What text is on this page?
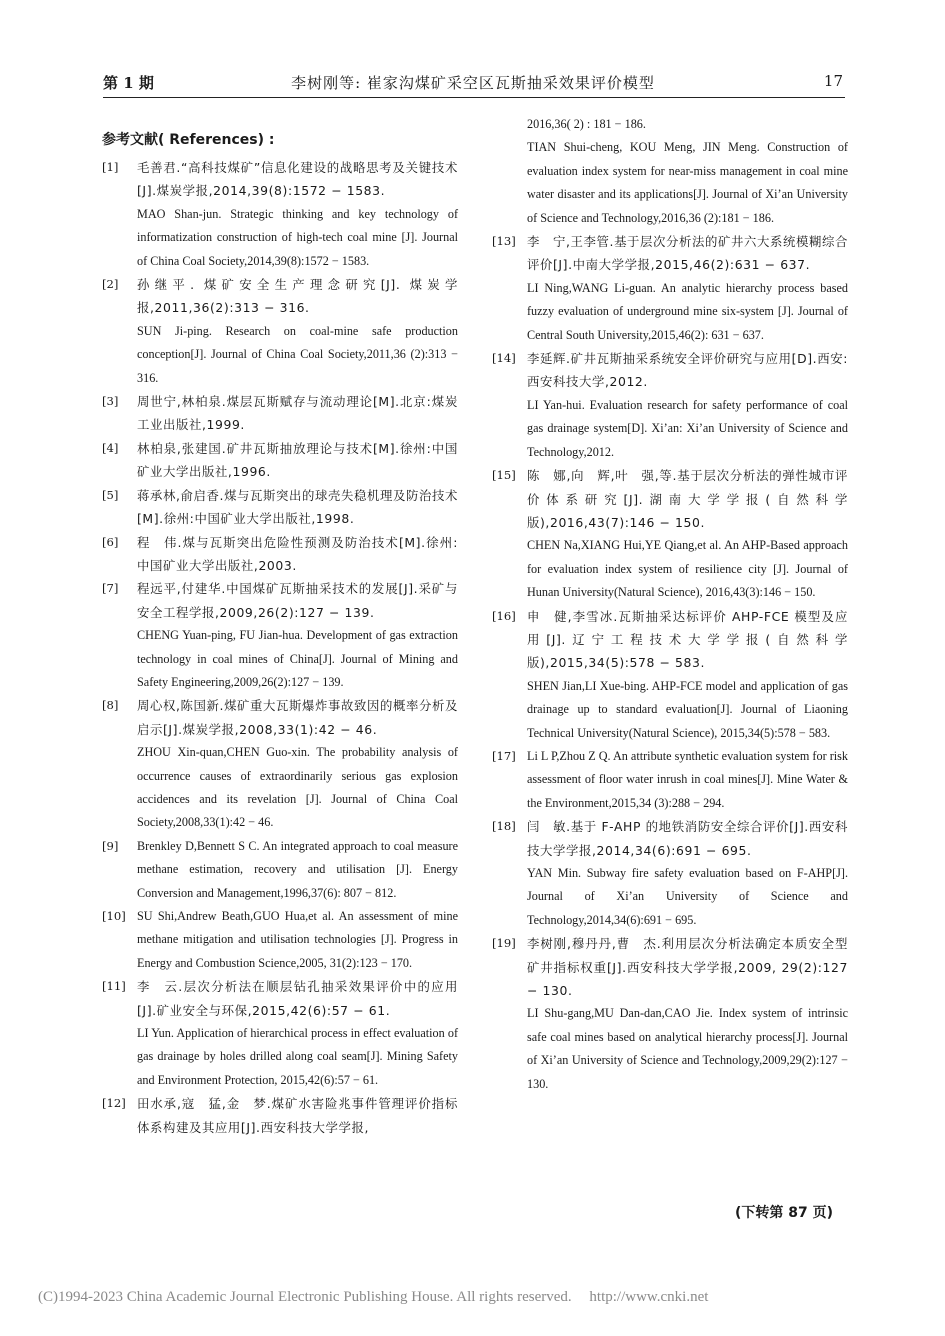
第 1 期	李树刚等: 崔家沟煤矿采空区瓦斯抽采效果评价模型	17
参考文献( References) :
[1] 毛善君.“高科技煤矿”信息化建设的战略思考及关键技术[J].煤炭学报,2014,39(8):1572 − 1583.
MAO Shan-jun. Strategic thinking and key technology of informatization construction of high-tech coal mine [J]. Journal of China Coal Society,2014,39(8):1572 − 1583.
[2] 孙继平. 煤矿安全生产理念研究[J]. 煤炭学报,2011,36(2):313 − 316.
SUN Ji-ping. Research on coal-mine safe production conception[J]. Journal of China Coal Society,2011,36 (2):313 − 316.
[3] 周世宁,林柏泉.煤层瓦斯赋存与流动理论[M].北京:煤炭工业出版社,1999.
[4] 林柏泉,张建国.矿井瓦斯抽放理论与技术[M].徐州:中国矿业大学出版社,1996.
[5] 蒋承林,俞启香.煤与瓦斯突出的球壳失稳机理及防治技术[M].徐州:中国矿业大学出版社,1998.
[6] 程　伟.煤与瓦斯突出危险性预测及防治技术[M].徐州:中国矿业大学出版社,2003.
[7] 程远平,付建华.中国煤矿瓦斯抽采技术的发展[J].采矿与安全工程学报,2009,26(2):127 − 139.
CHENG Yuan-ping, FU Jian-hua. Development of gas extraction technology in coal mines of China[J]. Journal of Mining and Safety Engineering,2009,26(2):127 − 139.
[8] 周心权,陈国新.煤矿重大瓦斯爆炸事故致因的概率分析及启示[J].煤炭学报,2008,33(1):42 − 46.
ZHOU Xin-quan,CHEN Guo-xin. The probability analysis of occurrence causes of extraordinarily serious gas explosion accidences and its revelation [J]. Journal of China Coal Society,2008,33(1):42 − 46.
[9] Brenkley D,Bennett S C. An integrated approach to coal measure methane estimation, recovery and utilisation [J]. Energy Conversion and Management,1996,37(6): 807 − 812.
[10] SU Shi,Andrew Beath,GUO Hua,et al. An assessment of mine methane mitigation and utilisation technologies [J]. Progress in Energy and Combustion Science,2005, 31(2):123 − 170.
[11] 李　云.层次分析法在顺层钻孔抽采效果评价中的应用[J].矿业安全与环保,2015,42(6):57 − 61.
LI Yun. Application of hierarchical process in effect evaluation of gas drainage by holes drilled along coal seam[J]. Mining Safety and Environment Protection, 2015,42(6):57 − 61.
[12] 田水承,寇　猛,金　梦.煤矿水害险兆事件管理评价指标体系构建及其应用[J].西安科技大学学报,
2016,36( 2) : 181 − 186.
TIAN Shui-cheng, KOU Meng, JIN Meng. Construction of evaluation index system for near-miss management in coal mine water disaster and its applications[J]. Journal of Xi’an University of Science and Technology,2016,36 (2):181 − 186.
[13] 李　宁,王李管.基于层次分析法的矿井六大系统模糊综合评价[J].中南大学学报,2015,46(2):631 − 637.
LI Ning,WANG Li-guan. An analytic hierarchy process based fuzzy evaluation of underground mine six-system [J]. Journal of Central South University,2015,46(2): 631 − 637.
[14] 李延辉.矿井瓦斯抽采系统安全评价研究与应用[D].西安:西安科技大学,2012.
LI Yan-hui. Evaluation research for safety performance of coal gas drainage system[D]. Xi’an: Xi’an University of Science and Technology,2012.
[15] 陈　娜,向　辉,叶　强,等.基于层次分析法的弹性城市评价体系研究[J].湖南大学学报(自然科学版),2016,43(7):146 − 150.
CHEN Na,XIANG Hui,YE Qiang,et al. An AHP-Based approach for evaluation index system of resilience city [J]. Journal of Hunan University(Natural Science), 2016,43(3):146 − 150.
[16] 申　健,李雪冰.瓦斯抽采达标评价 AHP-FCE 模型及应用[J].辽宁工程技术大学学报(自然科学版),2015,34(5):578 − 583.
SHEN Jian,LI Xue-bing. AHP-FCE model and application of gas drainage up to standard evaluation[J]. Journal of Liaoning Technical University(Natural Science), 2015,34(5):578 − 583.
[17] Li L P,Zhou Z Q. An attribute synthetic evaluation system for risk assessment of floor water inrush in coal mines[J]. Mine Water & the Environment,2015,34 (3):288 − 294.
[18] 闫　敏.基于 F-AHP 的地铁消防安全综合评价[J].西安科技大学学报,2014,34(6):691 − 695.
YAN Min. Subway fire safety evaluation based on F-AHP[J]. Journal of Xi’an University of Science and Technology,2014,34(6):691 − 695.
[19] 李树刚,穆丹丹,曹　杰.利用层次分析法确定本质安全型矿井指标权重[J].西安科技大学学报,2009, 29(2):127 − 130.
LI Shu-gang,MU Dan-dan,CAO Jie. Index system of intrinsic safe coal mines based on analytical hierarchy process[J]. Journal of Xi’an University of Science and Technology,2009,29(2):127 − 130.
(下转第 87 页)
(C)1994-2023 China Academic Journal Electronic Publishing House. All rights reserved. http://www.cnki.net
